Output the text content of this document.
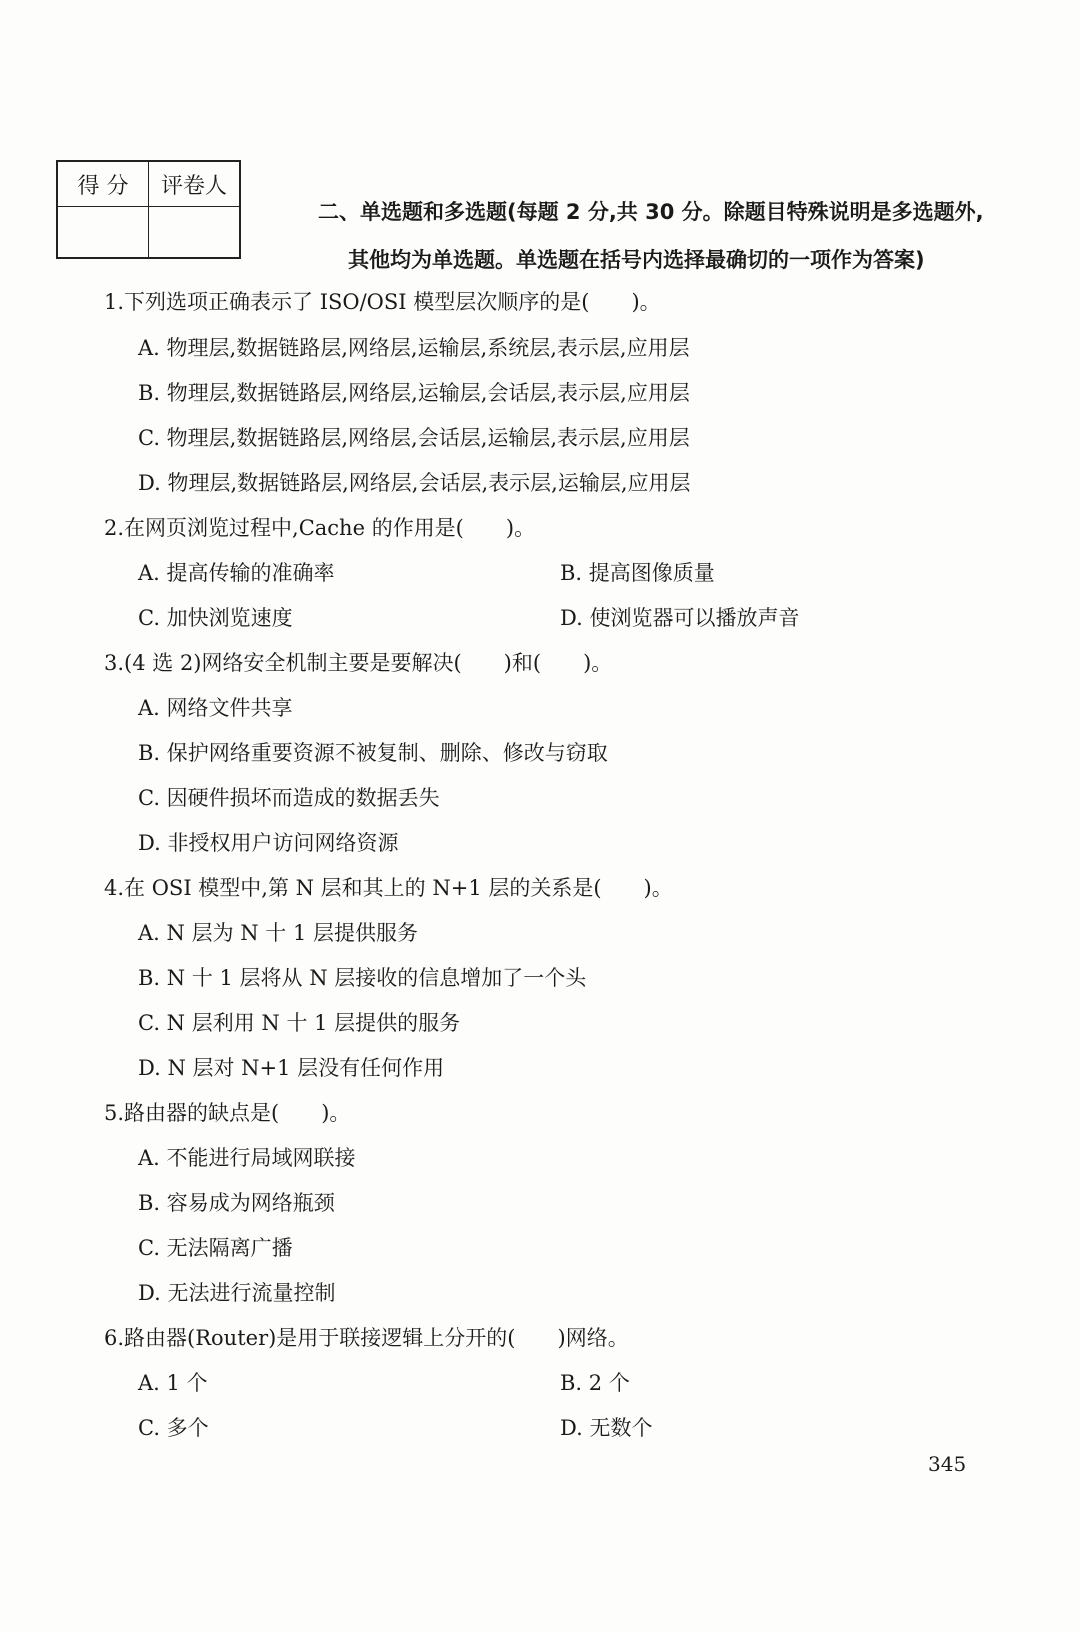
得 分	评卷人

二、单选题和多选题(每题 2 分,共 30 分。除题目特殊说明是多选题外,
其他均为单选题。单选题在括号内选择最确切的一项作为答案)
1.下列选项正确表示了 ISO/OSI 模型层次顺序的是(　　)。
A. 物理层,数据链路层,网络层,运输层,系统层,表示层,应用层
B. 物理层,数据链路层,网络层,运输层,会话层,表示层,应用层
C. 物理层,数据链路层,网络层,会话层,运输层,表示层,应用层
D. 物理层,数据链路层,网络层,会话层,表示层,运输层,应用层
2.在网页浏览过程中,Cache 的作用是(　　)。
A. 提高传输的准确率	B. 提高图像质量
C. 加快浏览速度	D. 使浏览器可以播放声音
3.(4 选 2)网络安全机制主要是要解决(　　)和(　　)。
A. 网络文件共享
B. 保护网络重要资源不被复制、删除、修改与窃取
C. 因硬件损坏而造成的数据丢失
D. 非授权用户访问网络资源
4.在 OSI 模型中,第 N 层和其上的 N+1 层的关系是(　　)。
A. N 层为 N 十 1 层提供服务
B. N 十 1 层将从 N 层接收的信息增加了一个头
C. N 层利用 N 十 1 层提供的服务
D. N 层对 N+1 层没有任何作用
5.路由器的缺点是(　　)。
A. 不能进行局域网联接
B. 容易成为网络瓶颈
C. 无法隔离广播
D. 无法进行流量控制
6.路由器(Router)是用于联接逻辑上分开的(　　)网络。
A. 1 个	B. 2 个
C. 多个	D. 无数个
345
